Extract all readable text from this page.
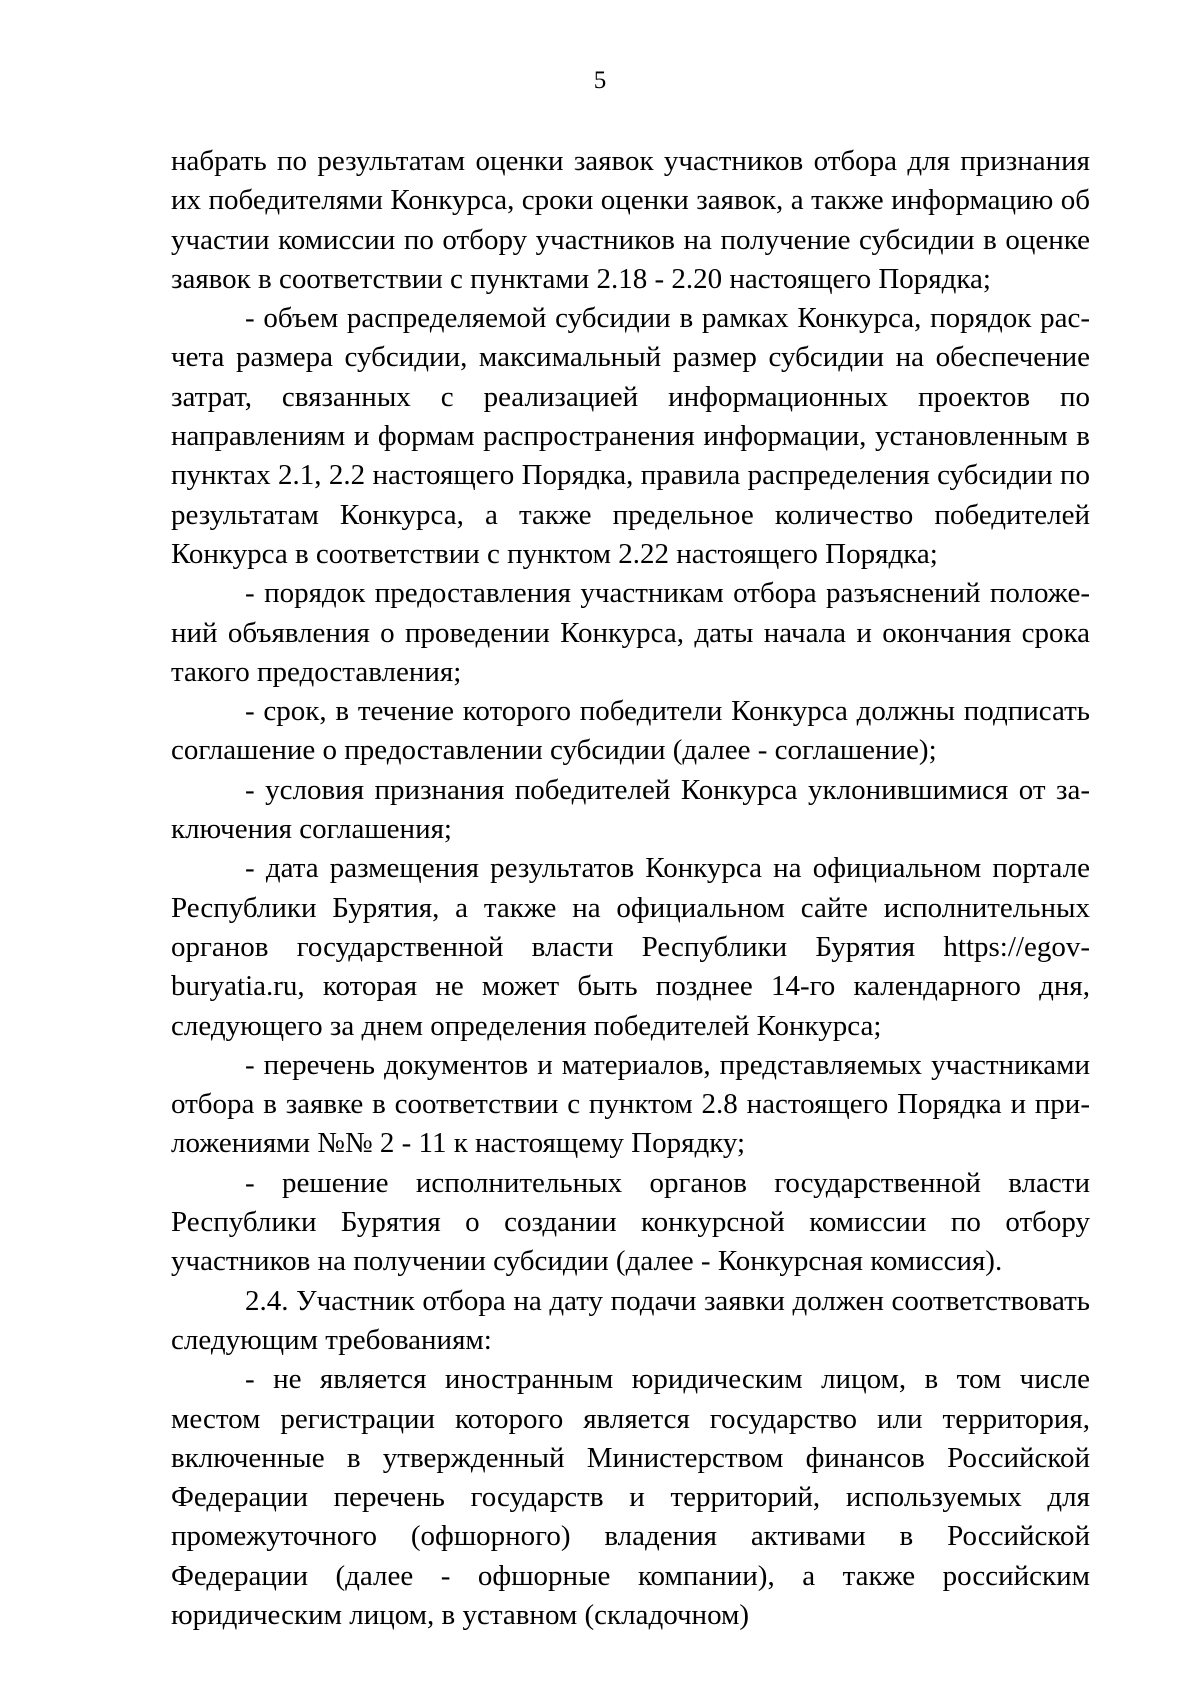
5

набрать по результатам оценки заявок участников отбора для признания их победителями Конкурса, сроки оценки заявок, а также информацию об участии комиссии по отбору участников на получение субсидии в оценке заявок в соответствии с пунктами 2.18 - 2.20 настоящего Порядка;

- объем распределяемой субсидии в рамках Конкурса, порядок расчета размера субсидии, максимальный размер субсидии на обеспечение затрат, связанных с реализацией информационных проектов по направлениям и формам распространения информации, установленным в пунктах 2.1, 2.2 настоящего Порядка, правила распределения субсидии по результатам Конкурса, а также предельное количество победителей Конкурса в соответствии с пунктом 2.22 настоящего Порядка;

- порядок предоставления участникам отбора разъяснений положений объявления о проведении Конкурса, даты начала и окончания срока такого предоставления;

- срок, в течение которого победители Конкурса должны подписать соглашение о предоставлении субсидии (далее - соглашение);

- условия признания победителей Конкурса уклонившимися от заключения соглашения;

- дата размещения результатов Конкурса на официальном портале Республики Бурятия, а также на официальном сайте исполнительных органов государственной власти Республики Бурятия https://egov-buryatia.ru, которая не может быть позднее 14-го календарного дня, следующего за днем определения победителей Конкурса;

- перечень документов и материалов, представляемых участниками отбора в заявке в соответствии с пунктом 2.8 настоящего Порядка и приложениями №№ 2 - 11 к настоящему Порядку;

- решение исполнительных органов государственной власти Республики Бурятия о создании конкурсной комиссии по отбору участников на получении субсидии (далее - Конкурсная комиссия).

2.4. Участник отбора на дату подачи заявки должен соответствовать следующим требованиям:

- не является иностранным юридическим лицом, в том числе местом регистрации которого является государство или территория, включенные в утвержденный Министерством финансов Российской Федерации перечень государств и территорий, используемых для промежуточного (офшорного) владения активами в Российской Федерации (далее - офшорные компании), а также российским юридическим лицом, в уставном (складочном)
